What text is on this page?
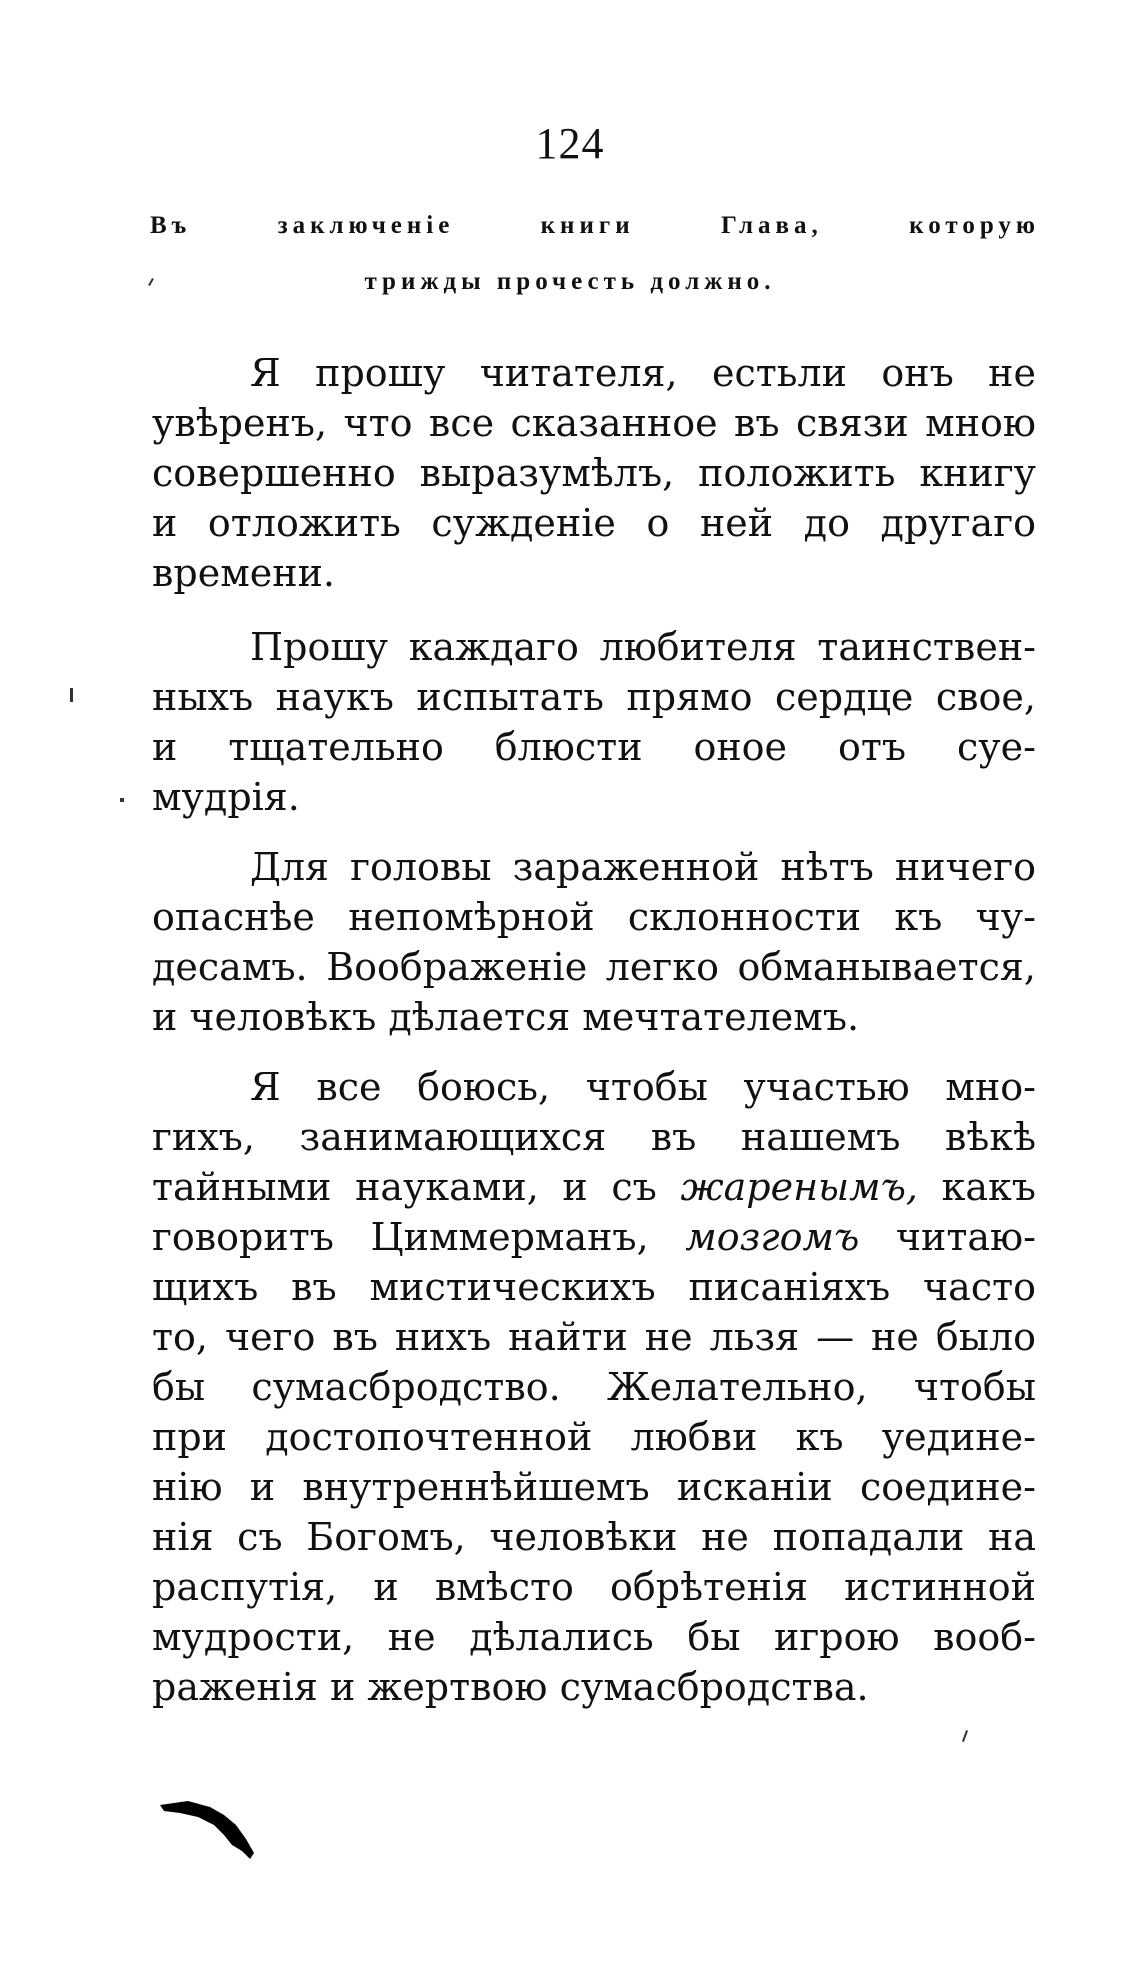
124
Въ заключеніе книги Глава, которую
трижды прочесть должно.
Я прошу читателя, естьли онъ не
увѣренъ, что все сказанное въ связи мною
совершенно выразумѣлъ, положить книгу
и отложить сужденіе о ней до другаго
времени.
Прошу каждаго любителя таинствен-
ныхъ наукъ испытать прямо сердце свое,
и тщательно блюсти оное отъ суе-
мудрія.
Для головы зараженной нѣтъ ничего
опаснѣе непомѣрной склонности къ чу-
десамъ. Воображеніе легко обманывается,
и человѣкъ дѣлается мечтателемъ.
Я все боюсь, чтобы участью мно-
гихъ, занимающихся въ нашемъ вѣкѣ
тайными науками, и съ жаренымъ, какъ
говоритъ Циммерманъ, мозгомъ читаю-
щихъ въ мистическихъ писаніяхъ часто
то, чего въ нихъ найти не льзя — не было
бы сумасбродство. Желательно, чтобы
при достопочтенной любви къ уедине-
нію и внутреннѣйшемъ исканіи соедине-
нія съ Богомъ, человѣки не попадали на
распутія, и вмѣсто обрѣтенія истинной
мудрости, не дѣлались бы игрою вооб-
раженія и жертвою сумасбродства.
